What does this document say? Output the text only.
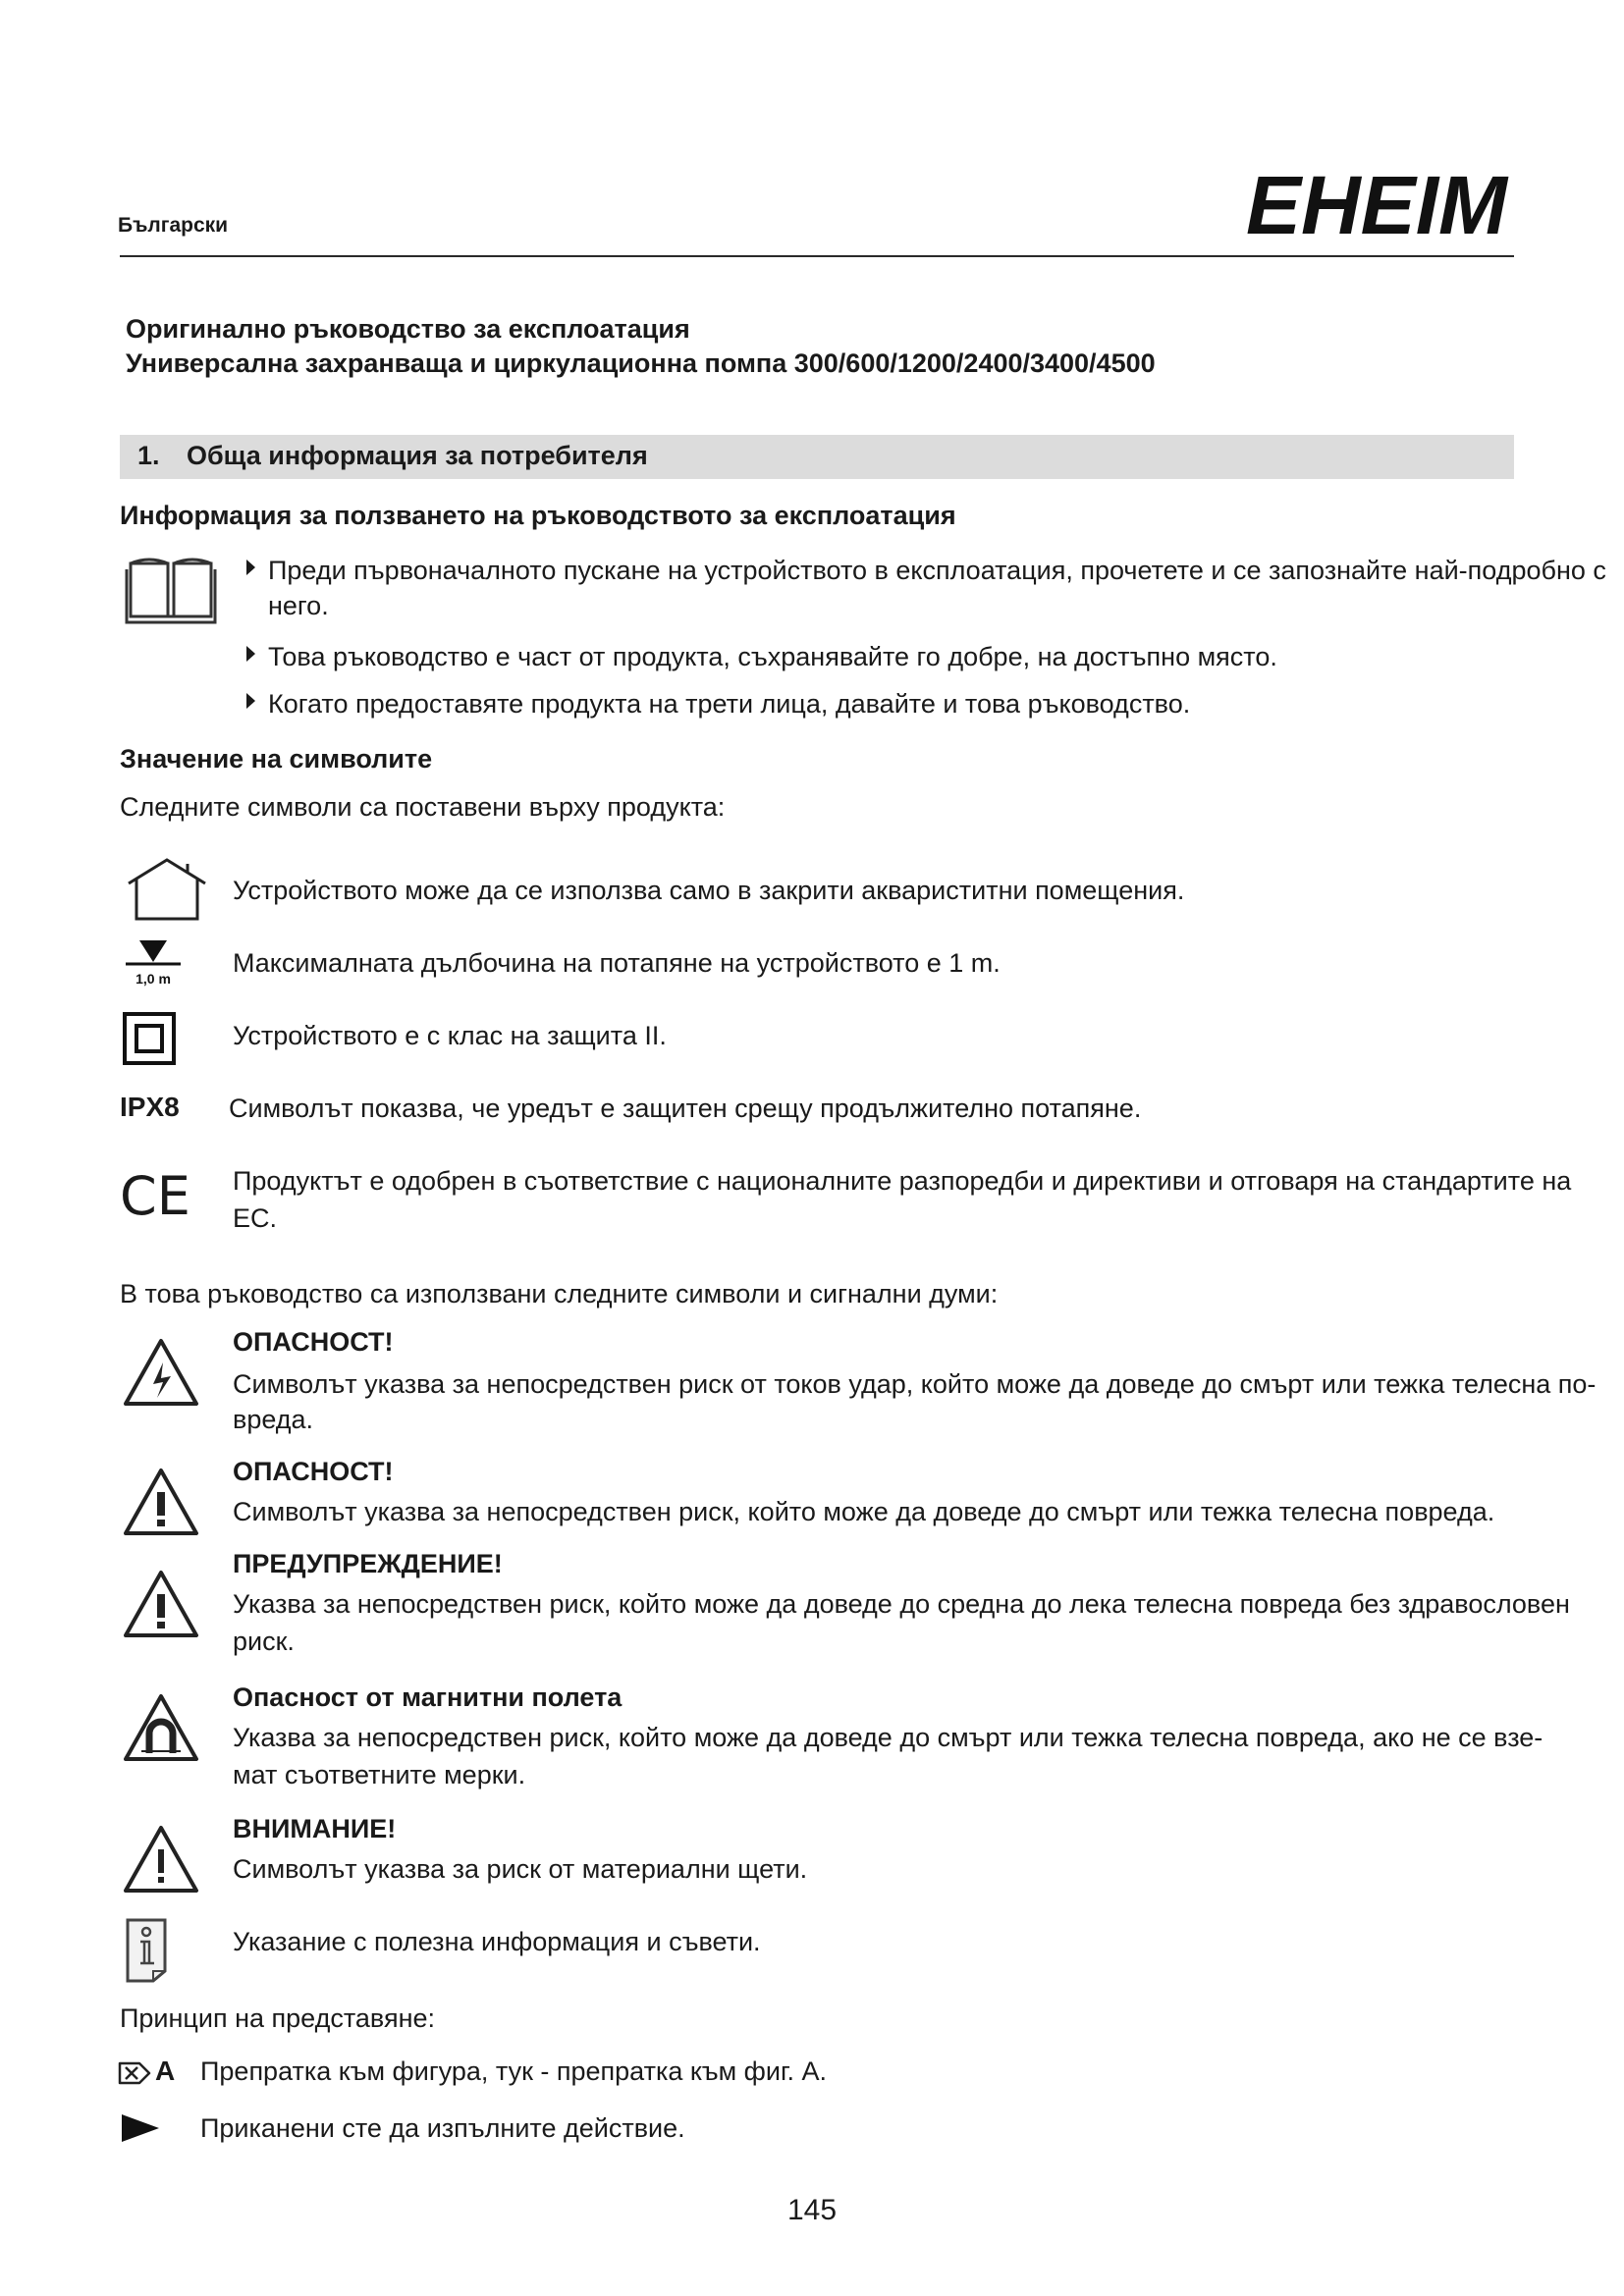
Български	EHEIM
Оригинално ръководство за експлоатация
Универсална захранваща и циркулационна помпа 300/600/1200/2400/3400/4500
1. Обща информация за потребителя
Информация за ползването на ръководството за експлоатация
Преди първоначалното пускане на устройството в експлоатация, прочетете и се запознайте най-подробно с
него.
Това ръководство е част от продукта, съхранявайте го добре, на достъпно място.
Когато предоставяте продукта на трети лица, давайте и това ръководство.
Значение на символите
Следните символи са поставени върху продукта:
Устройството може да се използва само в закрити аквариститни помещения.
1,0 m
Максималната дълбочина на потапяне на устройството е 1 m.
Устройството е с клас на защита II.
IPX8 Символът показва, че уредът е защитен срещу продължително потапяне.
CE Продуктът е одобрен в съответствие с националните разпоредби и директиви и отговаря на стандартите на
ЕС.
В това ръководство са използвани следните символи и сигнални думи:
ОПАСНОСТ!
Символът указва за непосредствен риск от токов удар, който може да доведе до смърт или тежка телесна по-
вреда.
ОПАСНОСТ!
Символът указва за непосредствен риск, който може да доведе до смърт или тежка телесна повреда.
ПРЕДУПРЕЖДЕНИЕ!
Указва за непосредствен риск, който може да доведе до средна до лека телесна повреда без здравословен
риск.
Опасност от магнитни полета
Указва за непосредствен риск, който може да доведе до смърт или тежка телесна повреда, ако не се взе-
мат съответните мерки.
ВНИМАНИЕ!
Символът указва за риск от материални щети.
Указание с полезна информация и съвети.
Принцип на представяне:
A Препратка към фигура, тук - препратка към фиг. А.
Приканени сте да изпълните действие.
145
